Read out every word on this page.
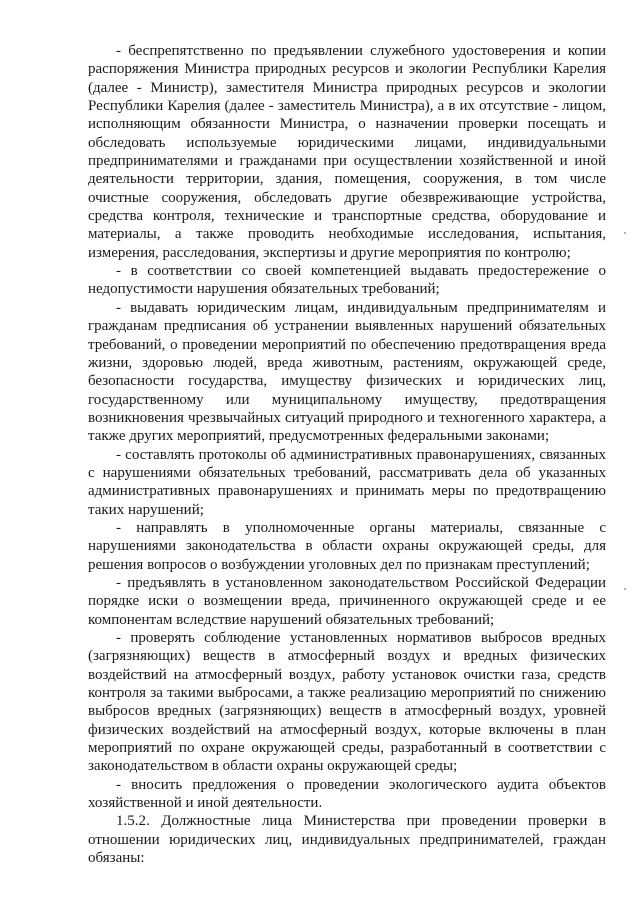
- беспрепятственно по предъявлении служебного удостоверения и копии распоряжения Министра природных ресурсов и экологии Республики Карелия (далее - Министр), заместителя Министра природных ресурсов и экологии Республики Карелия (далее - заместитель Министра), а в их отсутствие - лицом, исполняющим обязанности Министра, о назначении проверки посещать и обследовать используемые юридическими лицами, индивидуальными предпринимателями и гражданами при осуществлении хозяйственной и иной деятельности территории, здания, помещения, сооружения, в том числе очистные сооружения, обследовать другие обезвреживающие устройства, средства контроля, технические и транспортные средства, оборудование и материалы, а также проводить необходимые исследования, испытания, измерения, расследования, экспертизы и другие мероприятия по контролю;

- в соответствии со своей компетенцией выдавать предостережение о недопустимости нарушения обязательных требований;

- выдавать юридическим лицам, индивидуальным предпринимателям и гражданам предписания об устранении выявленных нарушений обязательных требований, о проведении мероприятий по обеспечению предотвращения вреда жизни, здоровью людей, вреда животным, растениям, окружающей среде, безопасности государства, имуществу физических и юридических лиц, государственному или муниципальному имуществу, предотвращения возникновения чрезвычайных ситуаций природного и техногенного характера, а также других мероприятий, предусмотренных федеральными законами;

- составлять протоколы об административных правонарушениях, связанных с нарушениями обязательных требований, рассматривать дела об указанных административных правонарушениях и принимать меры по предотвращению таких нарушений;

- направлять в уполномоченные органы материалы, связанные с нарушениями законодательства в области охраны окружающей среды, для решения вопросов о возбуждении уголовных дел по признакам преступлений;

- предъявлять в установленном законодательством Российской Федерации порядке иски о возмещении вреда, причиненного окружающей среде и ее компонентам вследствие нарушений обязательных требований;

- проверять соблюдение установленных нормативов выбросов вредных (загрязняющих) веществ в атмосферный воздух и вредных физических воздействий на атмосферный воздух, работу установок очистки газа, средств контроля за такими выбросами, а также реализацию мероприятий по снижению выбросов вредных (загрязняющих) веществ в атмосферный воздух, уровней физических воздействий на атмосферный воздух, которые включены в план мероприятий по охране окружающей среды, разработанный в соответствии с законодательством в области охраны окружающей среды;

- вносить предложения о проведении экологического аудита объектов хозяйственной и иной деятельности.

1.5.2. Должностные лица Министерства при проведении проверки в отношении юридических лиц, индивидуальных предпринимателей, граждан обязаны:
